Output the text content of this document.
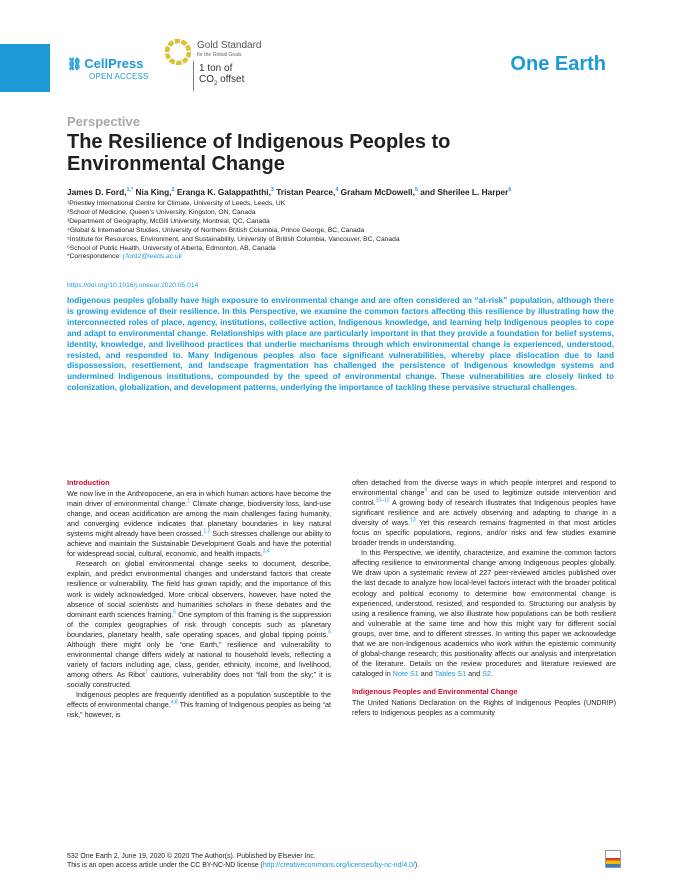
⛓ CellPress
OPEN ACCESS
Gold Standard
for the Global Goals
1 ton of
$CO_2$ offset
One Earth
Perspective
The Resilience of Indigenous Peoples to Environmental Change
James D. Ford,$^{1,*}$ Nia King,$^2$ Eranga K. Galappaththi,$^3$ Tristan Pearce,$^4$ Graham McDowell,$^5$ and Sherilee L. Harper$^6$
¹Priestley International Centre for Climate, University of Leeds, Leeds, UK
²School of Medicine, Queen’s University, Kingston, ON, Canada
³Department of Geography, McGill University, Montreal, QC, Canada
⁴Global & International Studies, University of Northern British Columbia, Prince George, BC, Canada
⁵Institute for Resources, Environment, and Sustainability, University of British Columbia, Vancouver, BC, Canada
⁶School of Public Health, University of Alberta, Edmonton, AB, Canada
*Correspondence: j.ford2@leeds.ac.uk
https://doi.org/10.1016/j.oneear.2020.05.014

Indigenous peoples globally have high exposure to environmental change and are often considered an “at-risk” population, although there is growing evidence of their resilience. In this Perspective, we examine the common factors affecting this resilience by illustrating how the interconnected roles of place, agency, institutions, collective action, Indigenous knowledge, and learning help Indigenous peoples to cope and adapt to environmental change. Relationships with place are particularly important in that they provide a foundation for belief systems, identity, knowledge, and livelihood practices that underlie mechanisms through which environmental change is experienced, understood, resisted, and responded to. Many Indigenous peoples also face significant vulnerabilities, whereby place dislocation due to land dispossession, resettlement, and landscape fragmentation has challenged the persistence of Indigenous knowledge systems and undermined Indigenous institutions, compounded by the speed of environmental change. These vulnerabilities are closely linked to colonization, globalization, and development patterns, underlying the importance of tackling these pervasive structural challenges.

Introduction

We now live in the Anthropocene, an era in which human actions have become the main driver of environmental change.$^1$ Climate change, biodiversity loss, land-use change, and ocean acidification are among the main challenges facing humanity, and converging evidence indicates that planetary boundaries in key natural systems might already have been crossed.$^{1,2}$ Such stresses challenge our ability to achieve and maintain the Sustainable Development Goals and have the potential for widespread social, cultural, economic, and health impacts.$^{3,4}$

Research on global environmental change seeks to document, describe, explain, and predict environmental changes and understand factors that create resilience or vulnerability. The field has grown rapidly, and the importance of this work is widely acknowledged. More critical observers, however, have noted the absence of social scientists and humanities scholars in these debates and the dominant earth sciences framing.$^5$ One symptom of this framing is the suppression of the complex geographies of risk through concepts such as planetary boundaries, planetary health, safe operating spaces, and global tipping points.$^6$ Although there might only be “one Earth,” resilience and vulnerability to environmental change differs widely at national to household levels, reflecting a variety of factors including age, class, gender, ethnicity, income, and livelihood, among others. As Ribot$^7$ cautions, vulnerability does not “fall from the sky;” it is socially constructed.

Indigenous peoples are frequently identified as a population susceptible to the effects of environmental change.$^{4,8}$ This framing of Indigenous peoples as being “at risk,” however, is

often detached from the diverse ways in which people interpret and respond to environmental change$^9$ and can be used to legitimize outside intervention and control.$^{10-12}$ A growing body of research illustrates that Indigenous peoples have significant resilience and are actively observing and adapting to change in a diversity of ways.$^{13}$ Yet this research remains fragmented in that most articles focus on specific populations, regions, and/or risks and few studies examine broader trends in understanding.

In this Perspective, we identify, characterize, and examine the common factors affecting resilience to environmental change among Indigenous peoples globally. We draw upon a systematic review of 227 peer-reviewed articles published over the last decade to analyze how local-level factors interact with the broader political ecology and political economy to determine how environmental change is experienced, understood, resisted, and responded to. Structuring our analysis by using a resilience framing, we also illustrate how populations can be both resilient and vulnerable at the same time and how this might vary for different social groups, over time, and to different stresses. In writing this paper we acknowledge that we are non-Indigenous academics who work within the epistemic community of global-change research; this positionality affects our analysis and interpretation of the literature. Details on the review procedures and literature reviewed are cataloged in Note S1 and Tables S1 and S2.

Indigenous Peoples and Environmental Change

The United Nations Declaration on the Rights of Indigenous Peoples (UNDRIP) refers to Indigenous peoples as a community

532 One Earth 2, June 19, 2020 © 2020 The Author(s). Published by Elsevier Inc.
This is an open access article under the CC BY-NC-ND license (http://creativecommons.org/licenses/by-nc-nd/4.0/).
